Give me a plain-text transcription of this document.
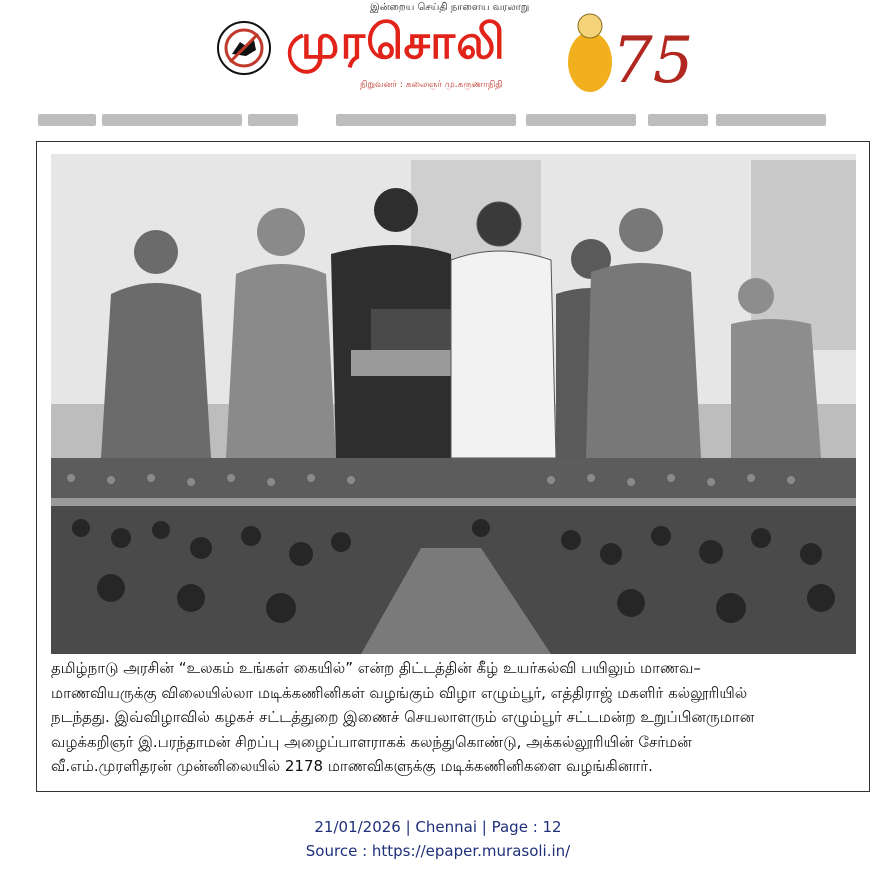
இன்றைய செய்தி நாளைய வரலாறு
முரசொலி
நிறுவனர் : கலைஞர் மு.கருணாநிதி 75

தமிழ்நாடு அரசின் “உலகம் உங்கள் கையில்” என்ற திட்டத்தின் கீழ் உயர்கல்வி பயிலும் மாணவ–
மாணவியருக்கு விலையில்லா மடிக்கணினிகள் வழங்கும் விழா எழும்பூர், எத்திராஜ் மகளிர் கல்லூரியில்
நடந்தது. இவ்விழாவில் கழகச் சட்டத்துறை இணைச் செயலாளரும் எழும்பூர் சட்டமன்ற உறுப்பினருமான
வழக்கறிஞர் இ.பரந்தாமன் சிறப்பு அழைப்பாளராகக் கலந்துகொண்டு, அக்கல்லூரியின் சேர்மன்
வீ.எம்.முரளிதரன் முன்னிலையில் 2178 மாணவிகளுக்கு மடிக்கணினிகளை வழங்கினார்.

21/01/2026 | Chennai | Page : 12
Source : https://epaper.murasoli.in/
